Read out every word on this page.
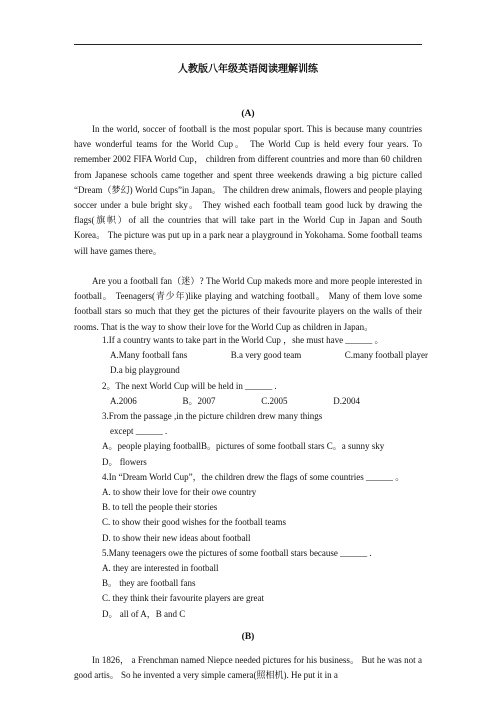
人教版八年级英语阅读理解训练
(A)

In the world, soccer of football is the most popular sport. This is because many countries have wonderful teams for the World Cup。 The World Cup is held every four years. To remember 2002 FIFA World Cup， children from different countries and more than 60 children from Japanese schools came together and spent three weekends drawing a big picture called “Dream（梦幻) World Cups”in Japan。 The children drew animals, flowers and people playing soccer under a bule bright sky。 They wished each football team good luck by drawing the flags(旗帜）of all the countries that will take part in the World Cup in Japan and South Korea。 The picture was put up in a park near a playground in Yokohama. Some football teams will have games there。

Are you a football fan（迷）? The World Cup makeds more and more people interested in football。 Teenagers(青少年)like playing and watching football。 Many of them love some football stars so much that they get the pictures of their favourite players on the walls of their rooms. That is the way to show their love for the World Cup as children in Japan。

1.If a country wants to take part in the World Cup ，she must have ______ 。
A.Many football fans	B.a very good team	C.many football player
D.a big playground
2。The next World Cup will be held in ______ .
A.2006	B。2007	C.2005	D.2004
3.From the passage ,in the picture children drew many things
except ______ .
A。people playing footballB。pictures of some football stars C。a sunny sky
D。 flowers
4.In “Dream World Cup”，the children drew the flags of some countries ______ 。
A. to show their love for their owe country
B. to tell the people their stories
C. to show their good wishes for the football teams
D. to show their new ideas about football
5.Many teenagers owe the pictures of some football stars because ______ .
A. they are interested in football
B。 they are football fans
C. they think their favourite players are great
D。 all of A，B and C
(B)

In 1826， a Frenchman named Niepce needed pictures for his business。 But he was not a good artis。 So he invented a very simple camera(照相机). He put it in a
